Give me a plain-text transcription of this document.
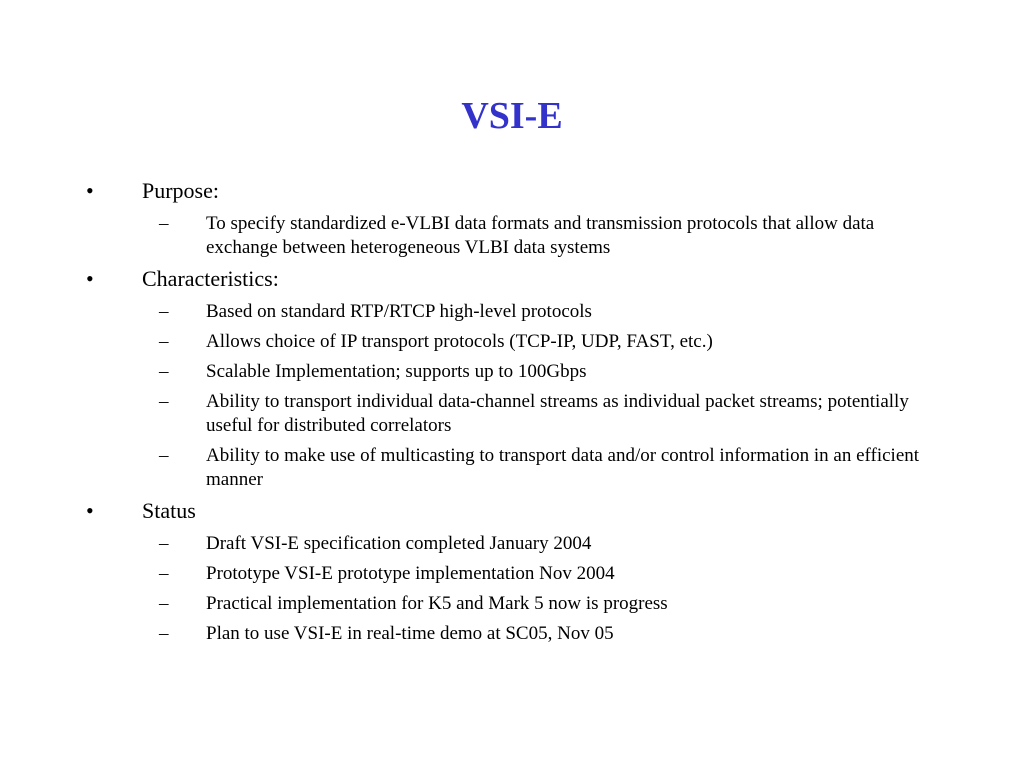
VSI-E
•	Purpose:
–	To specify standardized e-VLBI data formats and transmission protocols that allow data exchange between heterogeneous VLBI data systems
•	Characteristics:
–	Based on standard RTP/RTCP high-level protocols
–	Allows choice of IP transport protocols (TCP-IP, UDP, FAST, etc.)
–	Scalable Implementation; supports up to 100Gbps
–	Ability to transport individual data-channel streams as individual packet streams; potentially useful for distributed correlators
–	Ability to make use of multicasting to transport data and/or control information in an efficient manner
•	Status
–	Draft VSI-E specification completed January 2004
–	Prototype VSI-E prototype implementation Nov 2004
–	Practical implementation for K5 and Mark 5 now is progress
–	Plan to use VSI-E in real-time demo at SC05, Nov 05
